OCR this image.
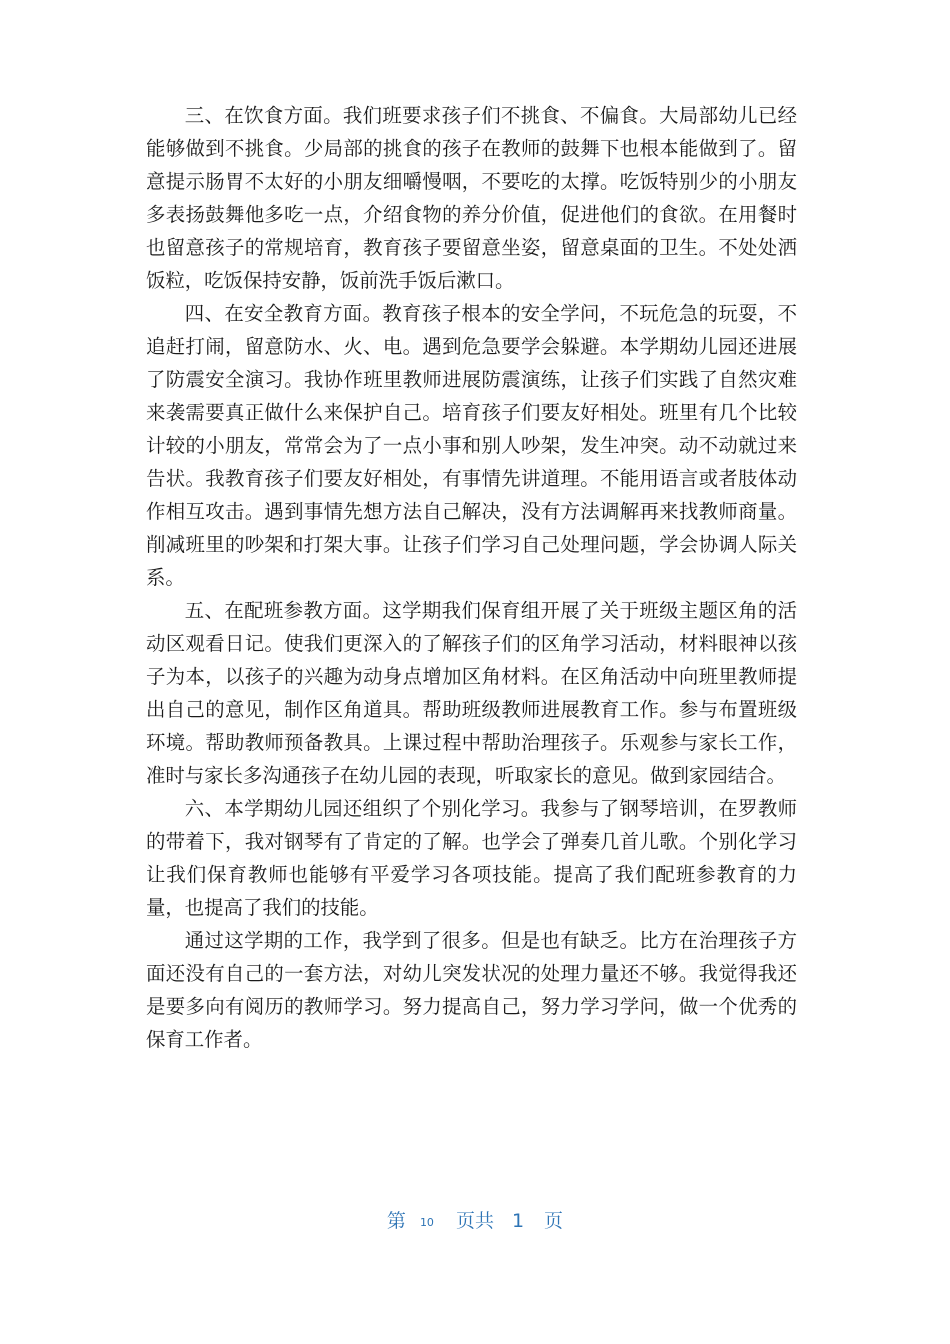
三、在饮食方面。我们班要求孩子们不挑食、不偏食。大局部幼儿已经能够做到不挑食。少局部的挑食的孩子在教师的鼓舞下也根本能做到了。留意提示肠胃不太好的小朋友细嚼慢咽，不要吃的太撑。吃饭特别少的小朋友多表扬鼓舞他多吃一点，介绍食物的养分价值，促进他们的食欲。在用餐时也留意孩子的常规培育，教育孩子要留意坐姿，留意桌面的卫生。不处处洒饭粒，吃饭保持安静，饭前洗手饭后漱口。

四、在安全教育方面。教育孩子根本的安全学问，不玩危急的玩耍，不追赶打闹，留意防水、火、电。遇到危急要学会躲避。本学期幼儿园还进展了防震安全演习。我协作班里教师进展防震演练，让孩子们实践了自然灾难来袭需要真正做什么来保护自己。培育孩子们要友好相处。班里有几个比较计较的小朋友，常常会为了一点小事和别人吵架，发生冲突。动不动就过来告状。我教育孩子们要友好相处，有事情先讲道理。不能用语言或者肢体动作相互攻击。遇到事情先想方法自己解决，没有方法调解再来找教师商量。削减班里的吵架和打架大事。让孩子们学习自己处理问题，学会协调人际关系。

五、在配班参教方面。这学期我们保育组开展了关于班级主题区角的活动区观看日记。使我们更深入的了解孩子们的区角学习活动，材料眼神以孩子为本，以孩子的兴趣为动身点增加区角材料。在区角活动中向班里教师提出自己的意见，制作区角道具。帮助班级教师进展教育工作。参与布置班级环境。帮助教师预备教具。上课过程中帮助治理孩子。乐观参与家长工作，准时与家长多沟通孩子在幼儿园的表现，听取家长的意见。做到家园结合。

六、本学期幼儿园还组织了个别化学习。我参与了钢琴培训，在罗教师的带着下，我对钢琴有了肯定的了解。也学会了弹奏几首儿歌。个别化学习让我们保育教师也能够有平爱学习各项技能。提高了我们配班参教育的力量，也提高了我们的技能。

通过这学期的工作，我学到了很多。但是也有缺乏。比方在治理孩子方面还没有自己的一套方法，对幼儿突发状况的处理力量还不够。我觉得我还是要多向有阅历的教师学习。努力提高自己，努力学习学问，做一个优秀的保育工作者。

第 10 页共 1 页
